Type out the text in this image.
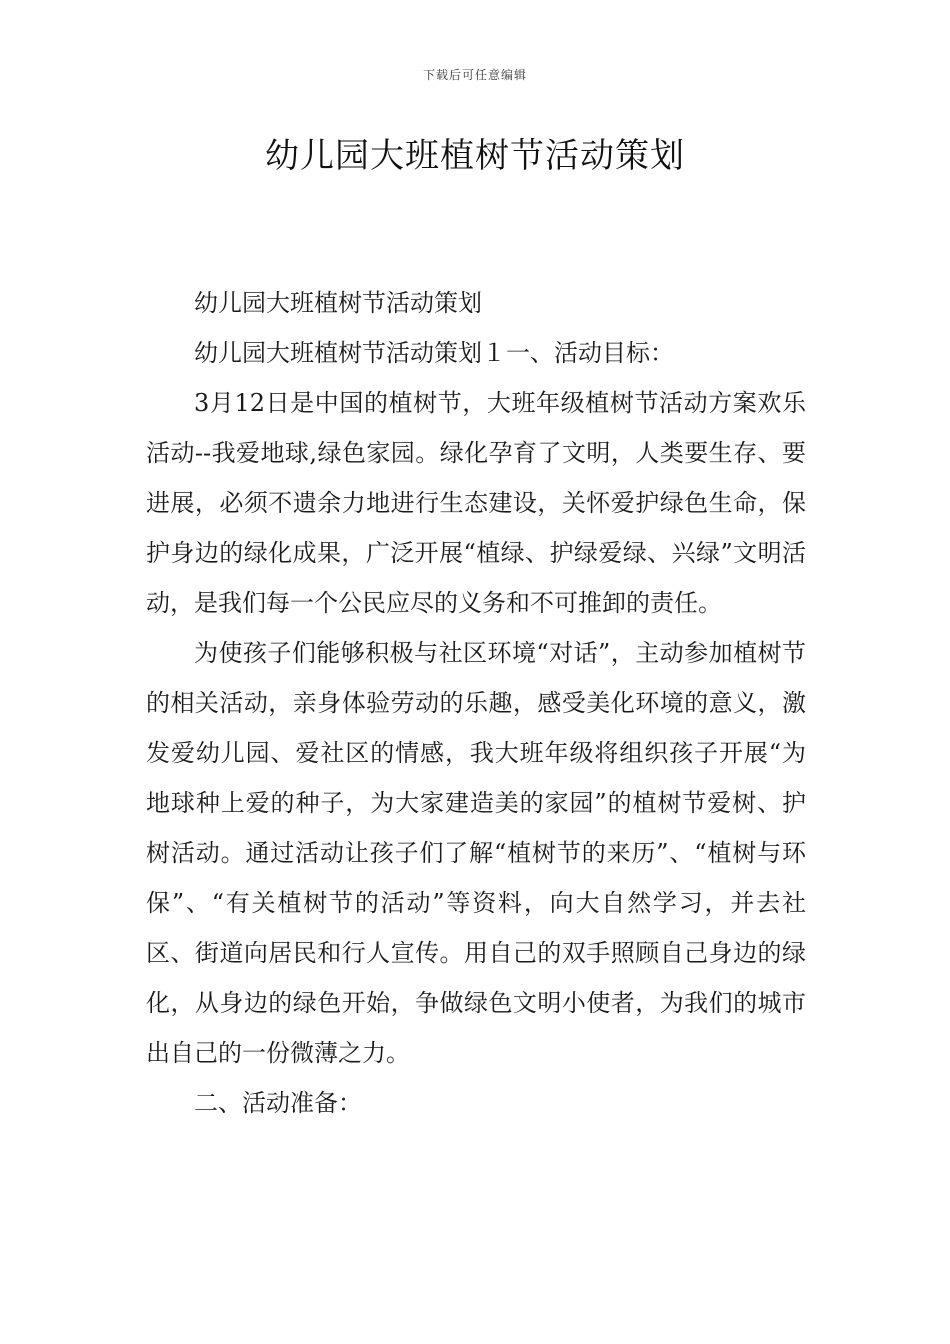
下载后可任意编辑
幼儿园大班植树节活动策划

幼儿园大班植树节活动策划

幼儿园大班植树节活动策划１一、活动目标：

3月12日是中国的植树节，大班年级植树节活动方案欢乐活动--我爱地球,绿色家园。绿化孕育了文明，人类要生存、要进展，必须不遗余力地进行生态建设，关怀爱护绿色生命，保护身边的绿化成果，广泛开展“植绿、护绿爱绿、兴绿”文明活动，是我们每一个公民应尽的义务和不可推卸的责任。

为使孩子们能够积极与社区环境“对话”，主动参加植树节的相关活动，亲身体验劳动的乐趣，感受美化环境的意义，激发爱幼儿园、爱社区的情感，我大班年级将组织孩子开展“为地球种上爱的种子，为大家建造美的家园”的植树节爱树、护树活动。通过活动让孩子们了解“植树节的来历”、“植树与环保”、“有关植树节的活动”等资料，向大自然学习，并去社区、街道向居民和行人宣传。用自己的双手照顾自己身边的绿化，从身边的绿色开始，争做绿色文明小使者，为我们的城市出自己的一份微薄之力。

二、活动准备：
